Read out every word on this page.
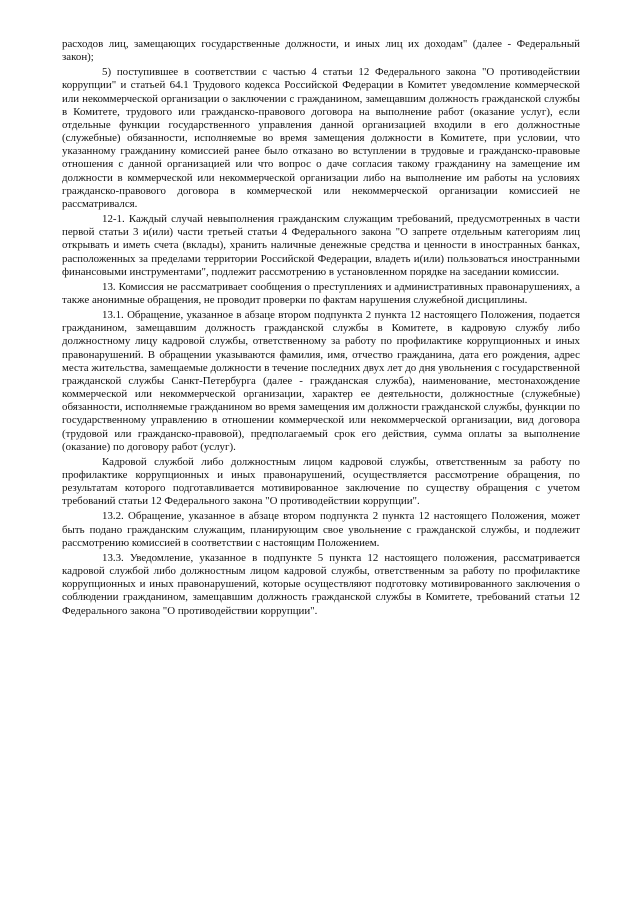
расходов лиц, замещающих государственные должности, и иных лиц их доходам" (далее - Федеральный закон);

5) поступившее в соответствии с частью 4 статьи 12 Федерального закона "О противодействии коррупции" и статьей 64.1 Трудового кодекса Российской Федерации в Комитет уведомление коммерческой или некоммерческой организации о заключении с гражданином, замещавшим должность гражданской службы в Комитете, трудового или гражданско-правового договора на выполнение работ (оказание услуг), если отдельные функции государственного управления данной организацией входили в его должностные (служебные) обязанности, исполняемые во время замещения должности в Комитете, при условии, что указанному гражданину комиссией ранее было отказано во вступлении в трудовые и гражданско-правовые отношения с данной организацией или что вопрос о даче согласия такому гражданину на замещение им должности в коммерческой или некоммерческой организации либо на выполнение им работы на условиях гражданско-правового договора в коммерческой или некоммерческой организации комиссией не рассматривался.

12-1. Каждый случай невыполнения гражданским служащим требований, предусмотренных в части первой статьи 3 и(или) части третьей статьи 4 Федерального закона "О запрете отдельным категориям лиц открывать и иметь счета (вклады), хранить наличные денежные средства и ценности в иностранных банках, расположенных за пределами территории Российской Федерации, владеть и(или) пользоваться иностранными финансовыми инструментами", подлежит рассмотрению в установленном порядке на заседании комиссии.

13. Комиссия не рассматривает сообщения о преступлениях и административных правонарушениях, а также анонимные обращения, не проводит проверки по фактам нарушения служебной дисциплины.

13.1. Обращение, указанное в абзаце втором подпункта 2 пункта 12 настоящего Положения, подается гражданином, замещавшим должность гражданской службы в Комитете, в кадровую службу либо должностному лицу кадровой службы, ответственному за работу по профилактике коррупционных и иных правонарушений. В обращении указываются фамилия, имя, отчество гражданина, дата его рождения, адрес места жительства, замещаемые должности в течение последних двух лет до дня увольнения с государственной гражданской службы Санкт-Петербурга (далее - гражданская служба), наименование, местонахождение коммерческой или некоммерческой организации, характер ее деятельности, должностные (служебные) обязанности, исполняемые гражданином во время замещения им должности гражданской службы, функции по государственному управлению в отношении коммерческой или некоммерческой организации, вид договора (трудовой или гражданско-правовой), предполагаемый срок его действия, сумма оплаты за выполнение (оказание) по договору работ (услуг).

Кадровой службой либо должностным лицом кадровой службы, ответственным за работу по профилактике коррупционных и иных правонарушений, осуществляется рассмотрение обращения, по результатам которого подготавливается мотивированное заключение по существу обращения с учетом требований статьи 12 Федерального закона "О противодействии коррупции".

13.2. Обращение, указанное в абзаце втором подпункта 2 пункта 12 настоящего Положения, может быть подано гражданским служащим, планирующим свое увольнение с гражданской службы, и подлежит рассмотрению комиссией в соответствии с настоящим Положением.

13.3. Уведомление, указанное в подпункте 5 пункта 12 настоящего положения, рассматривается кадровой службой либо должностным лицом кадровой службы, ответственным за работу по профилактике коррупционных и иных правонарушений, которые осуществляют подготовку мотивированного заключения о соблюдении гражданином, замещавшим должность гражданской службы в Комитете, требований статьи 12 Федерального закона "О противодействии коррупции".
